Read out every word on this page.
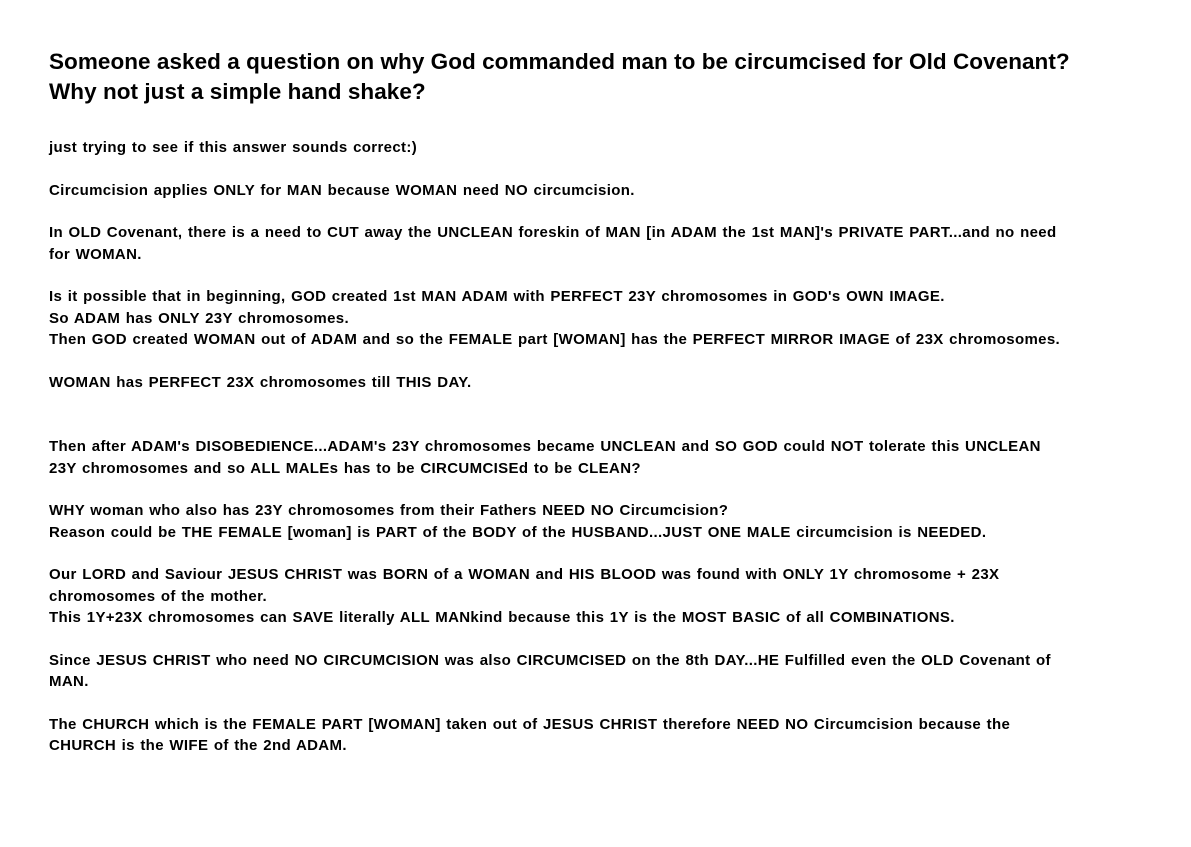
Someone asked a question on why God commanded man to be circumcised for Old Covenant?

Why not just a simple hand shake?

just trying to see if this answer sounds correct:)

Circumcision applies ONLY for MAN because WOMAN need NO circumcision.

In OLD Covenant, there is a need to CUT away the UNCLEAN foreskin of MAN [in ADAM the 1st MAN]'s PRIVATE PART...and no need
for WOMAN.

Is it possible that in beginning, GOD created 1st MAN ADAM with PERFECT 23Y chromosomes in GOD's OWN IMAGE.
So ADAM has ONLY 23Y chromosomes.
Then GOD created WOMAN out of ADAM and so the FEMALE part [WOMAN] has the PERFECT MIRROR IMAGE of 23X chromosomes.

WOMAN has PERFECT 23X chromosomes till THIS DAY.

Then after ADAM's DISOBEDIENCE...ADAM's 23Y chromosomes became UNCLEAN and SO GOD could NOT tolerate this UNCLEAN
23Y chromosomes and so ALL MALEs has to be CIRCUMCISEd to be CLEAN?

WHY woman who also has 23Y chromosomes from their Fathers NEED NO Circumcision?
Reason could be THE FEMALE [woman] is PART of the BODY of the HUSBAND...JUST ONE MALE circumcision is NEEDED.

Our LORD and Saviour JESUS CHRIST was BORN of a WOMAN and HIS BLOOD was found with ONLY 1Y chromosome + 23X
chromosomes of the mother.
This 1Y+23X chromosomes can SAVE literally ALL MANkind because this 1Y is the MOST BASIC of all COMBINATIONS.

Since JESUS CHRIST who need NO CIRCUMCISION was also CIRCUMCISED on the 8th DAY...HE Fulfilled even the OLD Covenant of
MAN.

The CHURCH which is the FEMALE PART [WOMAN] taken out of JESUS CHRIST therefore NEED NO Circumcision because the
CHURCH is the WIFE of the 2nd ADAM.
